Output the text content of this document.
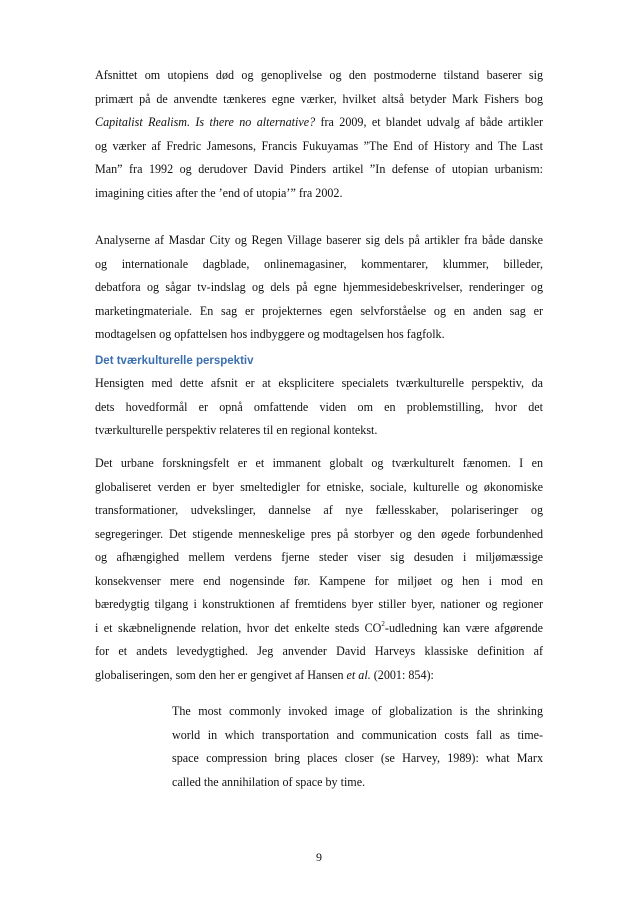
Afsnittet om utopiens død og genoplivelse og den postmoderne tilstand baserer sig
primært på de anvendte tænkeres egne værker, hvilket altså betyder Mark Fishers bog
Capitalist Realism. Is there no alternative? fra 2009, et blandet udvalg af både artikler
og værker af Fredric Jamesons, Francis Fukuyamas ”The End of History and The Last
Man” fra 1992 og derudover David Pinders artikel ”In defense of utopian urbanism:
imagining cities after the ’end of utopia’” fra 2002.

Analyserne af Masdar City og Regen Village baserer sig dels på artikler fra både danske
og internationale dagblade, onlinemagasiner, kommentarer, klummer, billeder,
debatfora og sågar tv-indslag og dels på egne hjemmesidebeskrivelser, renderinger og
marketingmateriale. En sag er projekternes egen selvforståelse og en anden sag er
modtagelsen og opfattelsen hos indbyggere og modtagelsen hos fagfolk.

Det tværkulturelle perspektiv

Hensigten med dette afsnit er at eksplicitere specialets tværkulturelle perspektiv, da
dets hovedformål er opnå omfattende viden om en problemstilling, hvor det
tværkulturelle perspektiv relateres til en regional kontekst.

Det urbane forskningsfelt er et immanent globalt og tværkulturelt fænomen. I en
globaliseret verden er byer smeltedigler for etniske, sociale, kulturelle og økonomiske
transformationer, udvekslinger, dannelse af nye fællesskaber, polariseringer og
segregeringer. Det stigende menneskelige pres på storbyer og den øgede forbundenhed
og afhængighed mellem verdens fjerne steder viser sig desuden i miljømæssige
konsekvenser mere end nogensinde før. Kampene for miljøet og hen i mod en
bæredygtig tilgang i konstruktionen af fremtidens byer stiller byer, nationer og regioner
i et skæbnelignende relation, hvor det enkelte steds $CO^2$-udledning kan være afgørende
for et andets levedygtighed. Jeg anvender David Harveys klassiske definition af
globaliseringen, som den her er gengivet af Hansen et al. (2001: 854):

The most commonly invoked image of globalization is the shrinking
world in which transportation and communication costs fall as time-
space compression bring places closer (se Harvey, 1989): what Marx
called the annihilation of space by time.

9
